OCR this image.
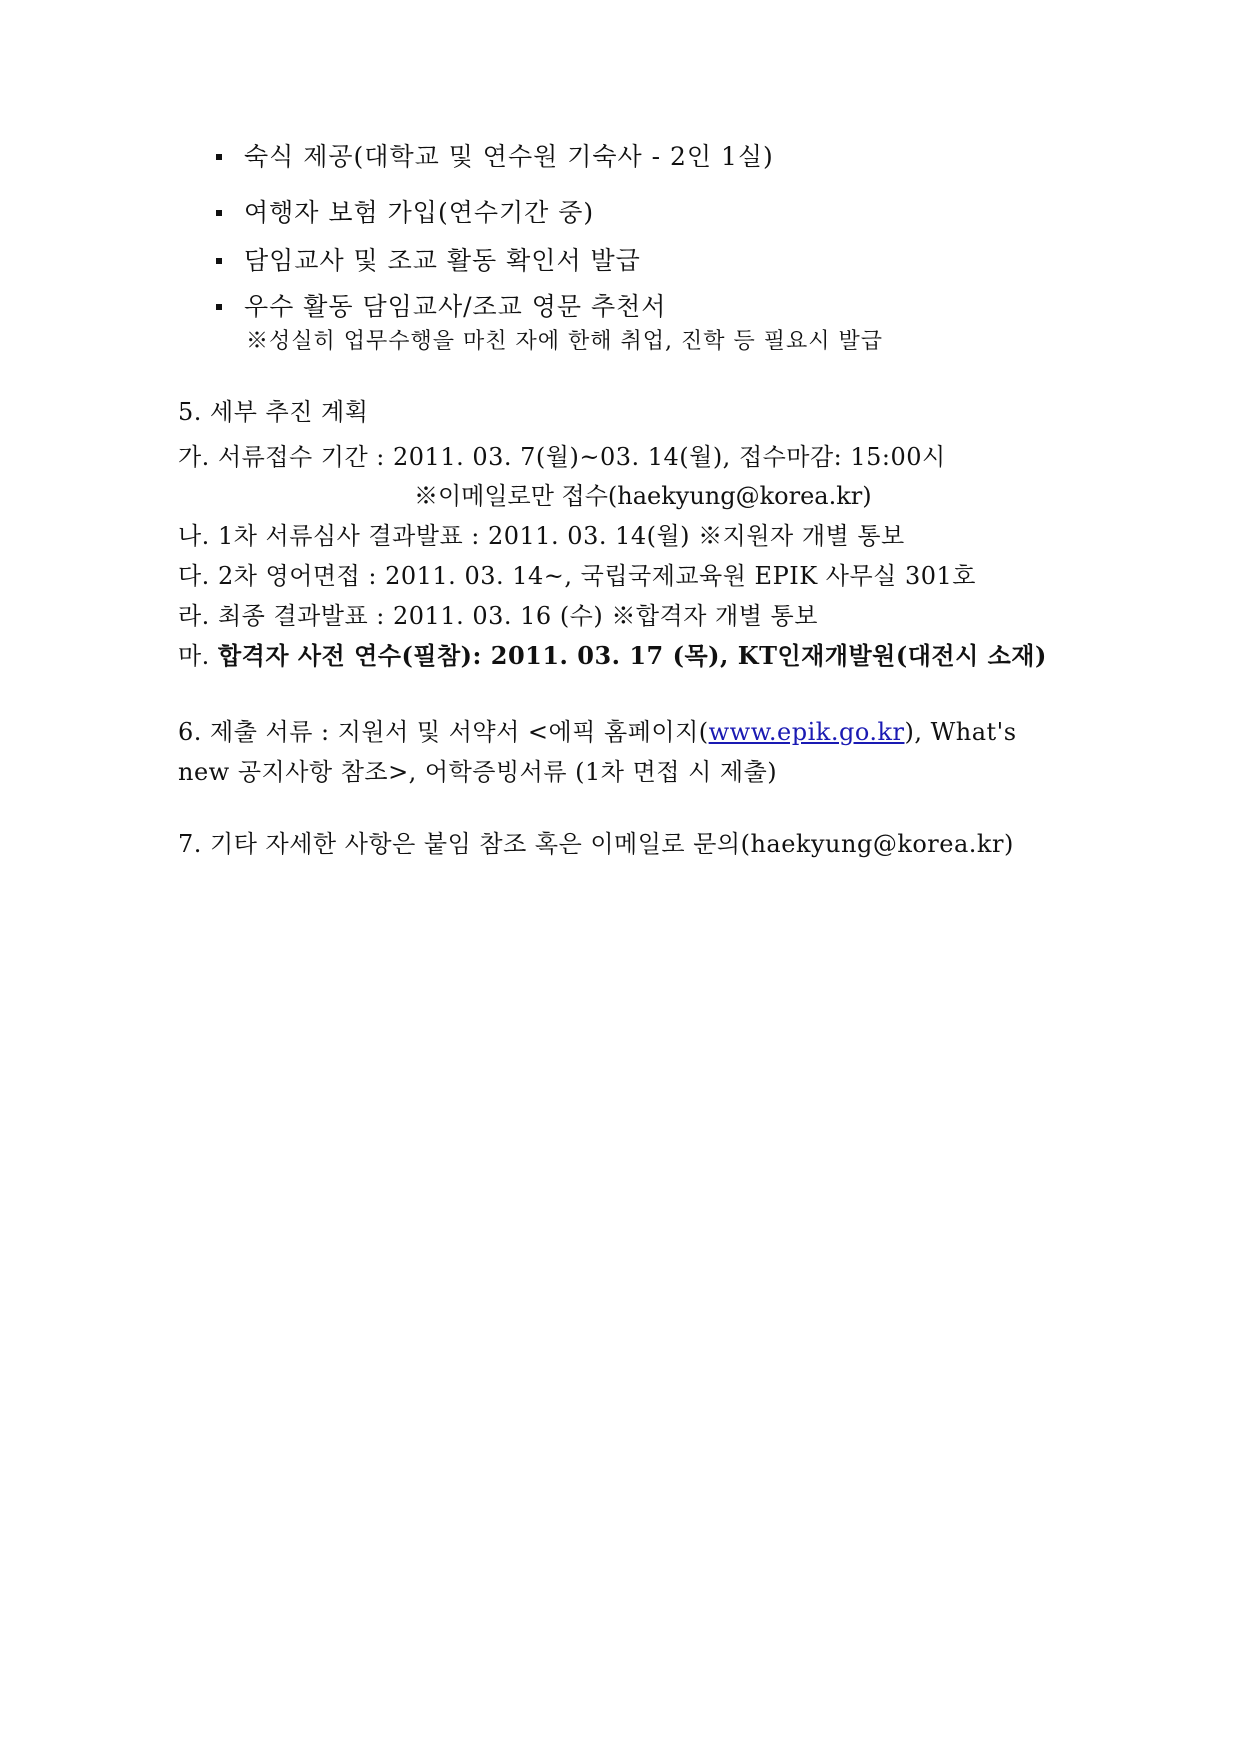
숙식 제공(대학교 및 연수원 기숙사 - 2인 1실)
여행자 보험 가입(연수기간 중)
담임교사 및 조교 활동 확인서 발급
우수 활동 담임교사/조교 영문 추천서
※성실히 업무수행을 마친 자에 한해 취업, 진학 등 필요시 발급
5. 세부 추진 계획
가. 서류접수 기간 : 2011. 03. 7(월)~03. 14(월), 접수마감: 15:00시
※이메일로만 접수(haekyung@korea.kr)
나. 1차 서류심사 결과발표 : 2011. 03. 14(월) ※지원자 개별 통보
다. 2차 영어면접 : 2011. 03. 14~, 국립국제교육원 EPIK 사무실 301호
라. 최종 결과발표 : 2011. 03. 16 (수) ※합격자 개별 통보
마. 합격자 사전 연수(필참): 2011. 03. 17 (목), KT인재개발원(대전시 소재)
6. 제출 서류 : 지원서 및 서약서 <에픽 홈페이지(www.epik.go.kr), What's
new 공지사항 참조>, 어학증빙서류 (1차 면접 시 제출)
7. 기타 자세한 사항은 붙임 참조 혹은 이메일로 문의(haekyung@korea.kr)
